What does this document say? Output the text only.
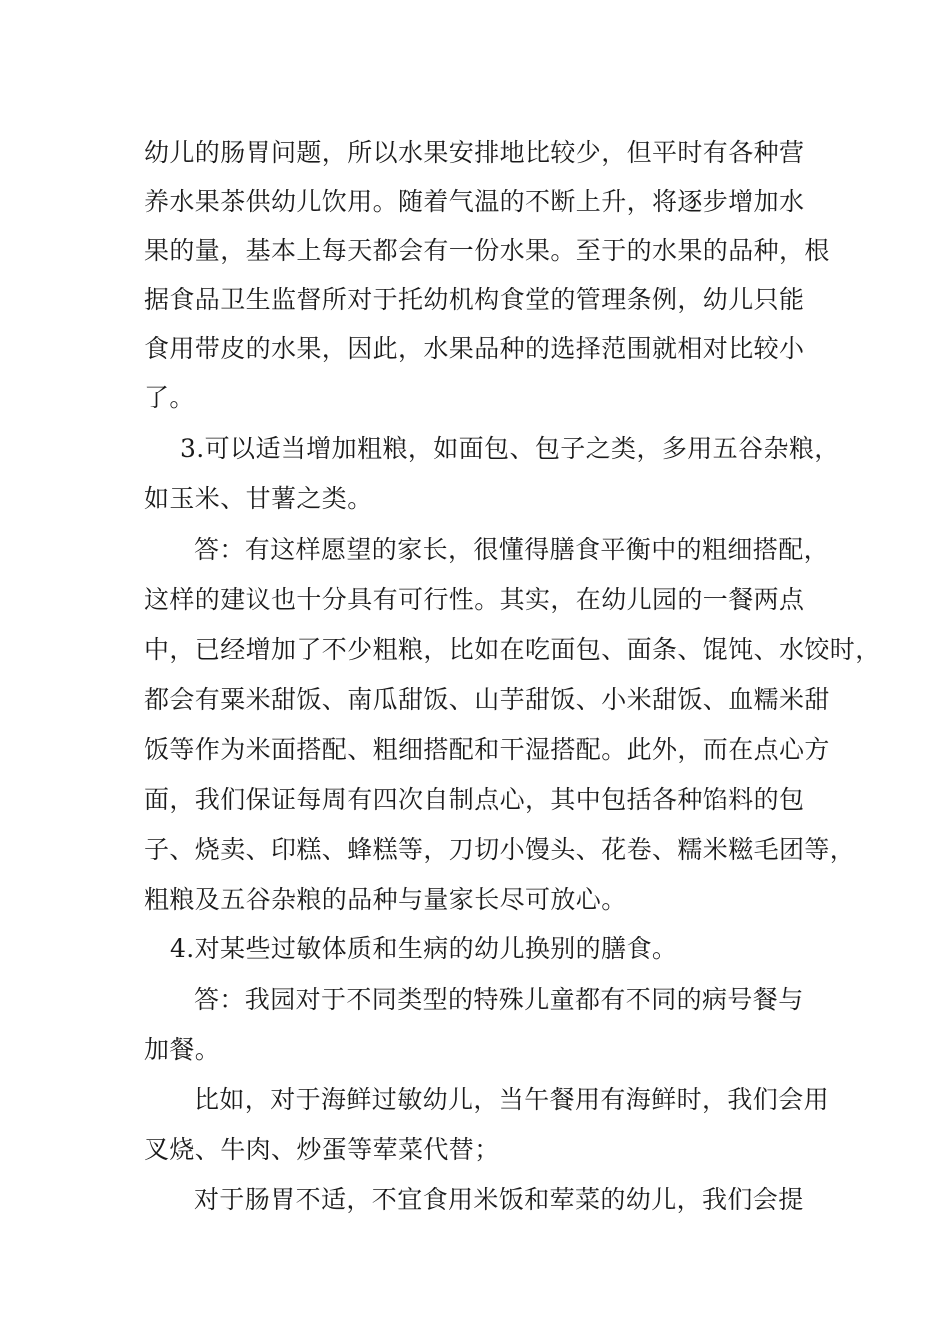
幼儿的肠胃问题，所以水果安排地比较少，但平时有各种营
养水果茶供幼儿饮用。随着气温的不断上升，将逐步增加水
果的量，基本上每天都会有一份水果。至于的水果的品种，根
据食品卫生监督所对于托幼机构食堂的管理条例，幼儿只能
食用带皮的水果，因此，水果品种的选择范围就相对比较小
了。
3.可以适当增加粗粮，如面包、包子之类，多用五谷杂粮，
如玉米、甘薯之类。
答：有这样愿望的家长，很懂得膳食平衡中的粗细搭配，
这样的建议也十分具有可行性。其实，在幼儿园的一餐两点
中，已经增加了不少粗粮，比如在吃面包、面条、馄饨、水饺时，
都会有粟米甜饭、南瓜甜饭、山芋甜饭、小米甜饭、血糯米甜
饭等作为米面搭配、粗细搭配和干湿搭配。此外，而在点心方
面，我们保证每周有四次自制点心，其中包括各种馅料的包
子、烧卖、印糕、蜂糕等，刀切小馒头、花卷、糯米糍毛团等，
粗粮及五谷杂粮的品种与量家长尽可放心。
4.对某些过敏体质和生病的幼儿换别的膳食。
答：我园对于不同类型的特殊儿童都有不同的病号餐与
加餐。
比如，对于海鲜过敏幼儿，当午餐用有海鲜时，我们会用
叉烧、牛肉、炒蛋等荤菜代替；
对于肠胃不适，不宜食用米饭和荤菜的幼儿，我们会提
